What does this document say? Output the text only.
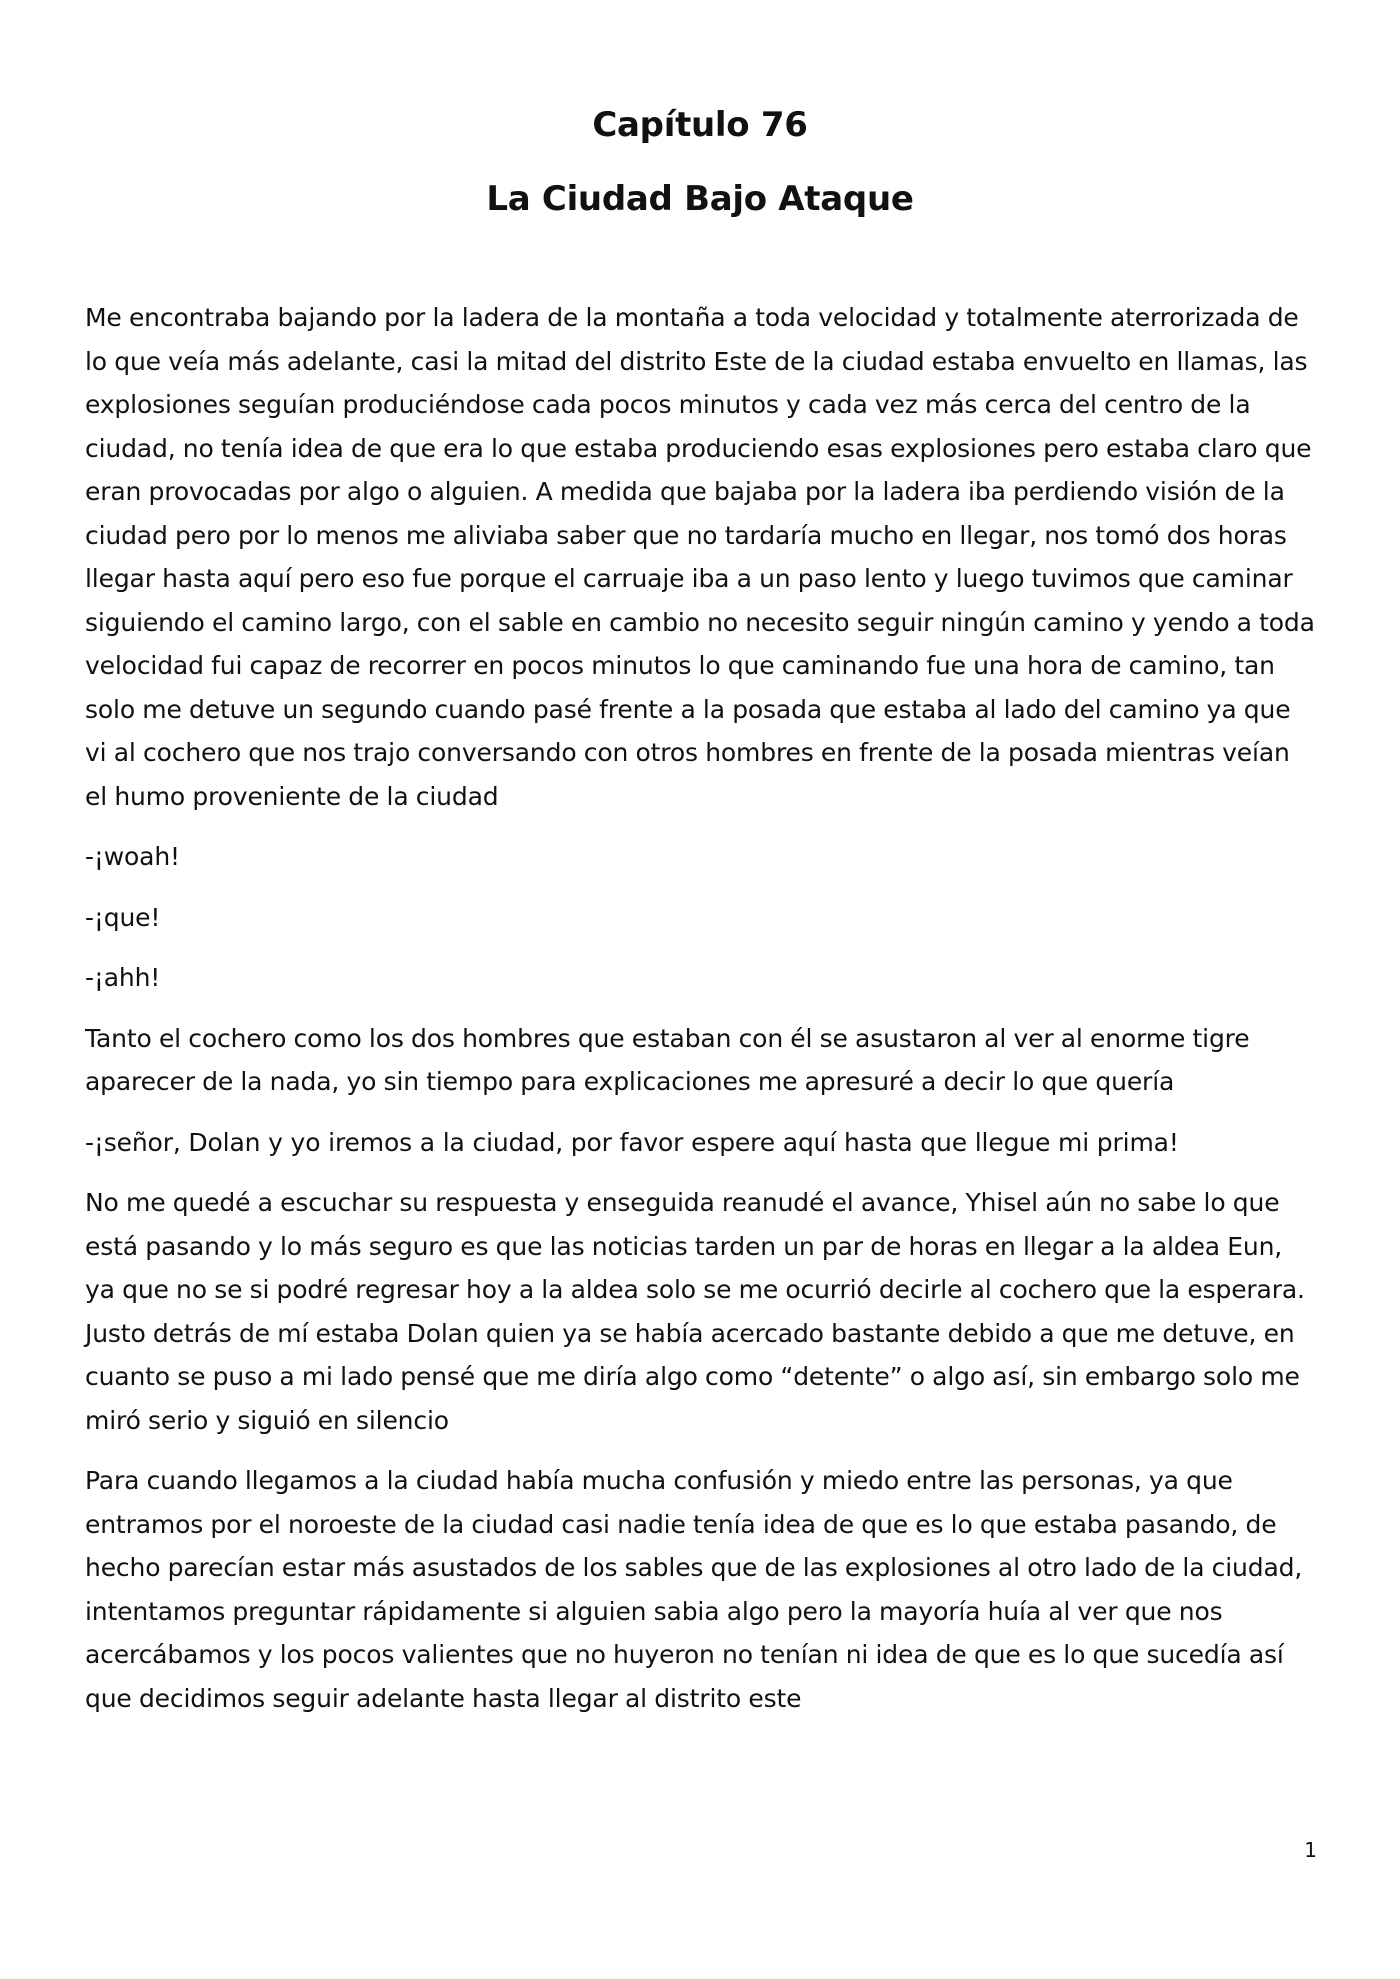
Capítulo 76
La Ciudad Bajo Ataque

Me encontraba bajando por la ladera de la montaña a toda velocidad y totalmente aterrorizada de lo que veía más adelante, casi la mitad del distrito Este de la ciudad estaba envuelto en llamas, las explosiones seguían produciéndose cada pocos minutos y cada vez más cerca del centro de la ciudad, no tenía idea de que era lo que estaba produciendo esas explosiones pero estaba claro que eran provocadas por algo o alguien. A medida que bajaba por la ladera iba perdiendo visión de la ciudad pero por lo menos me aliviaba saber que no tardaría mucho en llegar, nos tomó dos horas llegar hasta aquí pero eso fue porque el carruaje iba a un paso lento y luego tuvimos que caminar siguiendo el camino largo, con el sable en cambio no necesito seguir ningún camino y yendo a toda velocidad fui capaz de recorrer en pocos minutos lo que caminando fue una hora de camino, tan solo me detuve un segundo cuando pasé frente a la posada que estaba al lado del camino ya que vi al cochero que nos trajo conversando con otros hombres en frente de la posada mientras veían el humo proveniente de la ciudad

-¡woah!

-¡que!

-¡ahh!

Tanto el cochero como los dos hombres que estaban con él se asustaron al ver al enorme tigre aparecer de la nada, yo sin tiempo para explicaciones me apresuré a decir lo que quería

-¡señor, Dolan y yo iremos a la ciudad, por favor espere aquí hasta que llegue mi prima!

No me quedé a escuchar su respuesta y enseguida reanudé el avance, Yhisel aún no sabe lo que está pasando y lo más seguro es que las noticias tarden un par de horas en llegar a la aldea Eun, ya que no se si podré regresar hoy a la aldea solo se me ocurrió decirle al cochero que la esperara. Justo detrás de mí estaba Dolan quien ya se había acercado bastante debido a que me detuve, en cuanto se puso a mi lado pensé que me diría algo como “detente” o algo así, sin embargo solo me miró serio y siguió en silencio

Para cuando llegamos a la ciudad había mucha confusión y miedo entre las personas, ya que entramos por el noroeste de la ciudad casi nadie tenía idea de que es lo que estaba pasando, de hecho parecían estar más asustados de los sables que de las explosiones al otro lado de la ciudad, intentamos preguntar rápidamente si alguien sabia algo pero la mayoría huía al ver que nos acercábamos y los pocos valientes que no huyeron no tenían ni idea de que es lo que sucedía así que decidimos seguir adelante hasta llegar al distrito este

1
